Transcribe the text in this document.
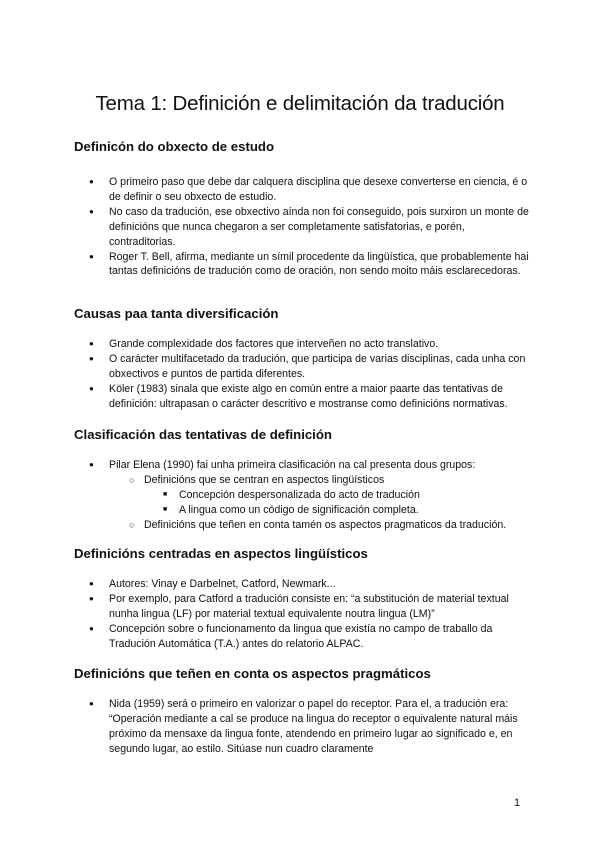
Tema 1: Definición e delimitación da tradución
Definicón do obxecto de estudo
● O primeiro paso que debe dar calquera disciplina que desexe converterse en ciencia, é o de definir o seu obxecto de estudio.
● No caso da tradución, ese obxectivo aínda non foi conseguido, pois surxiron un monte de definicións que nunca chegaron a ser completamente satisfatorias, e porén, contraditorias.
● Roger T. Bell, afirma, mediante un símil procedente da lingüística, que probablemente hai tantas definicións de tradución como de oración, non sendo moito máis esclarecedoras.
Causas paa tanta diversificación
● Grande complexidade dos factores que interveñen no acto translativo.
● O carácter multifacetado da tradución, que participa de varias disciplinas, cada unha con obxectivos e puntos de partida diferentes.
● Köler (1983) sinala que existe algo en común entre a maior paarte das tentativas de definición: ultrapasan o carácter descritivo e mostranse como definicións normativas.
Clasificación das tentativas de definición
● Pilar Elena (1990) fai unha primeira clasificación na cal presenta dous grupos:
○ Definicións que se centran en aspectos lingüísticos
■ Concepción despersonalizada do acto de tradución
■ A lingua como un código de significación completa.
○ Definicións que teñen en conta tamén os aspectos pragmaticos da tradución.
Definicións centradas en aspectos lingüísticos
● Autores: Vinay e Darbelnet, Catford, Newmark...
● Por exemplo, para Catford a tradución consiste en: “a substitución de material textual nunha lingua (LF) por material textual equivalente noutra lingua (LM)”
● Concepción sobre o funcionamento da lingua que existía no campo de traballo da Tradución Automática (T.A.) antes do relatorio ALPAC.
Definicións que teñen en conta os aspectos pragmáticos
● Nida (1959) será o primeiro en valorizar o papel do receptor. Para el, a tradución era: “Operación mediante a cal se produce na lingua do receptor o equivalente natural máis próximo da mensaxe da lingua fonte, atendendo en primeiro lugar ao significado e, en segundo lugar, ao estilo. Sitúase nun cuadro claramente
1
